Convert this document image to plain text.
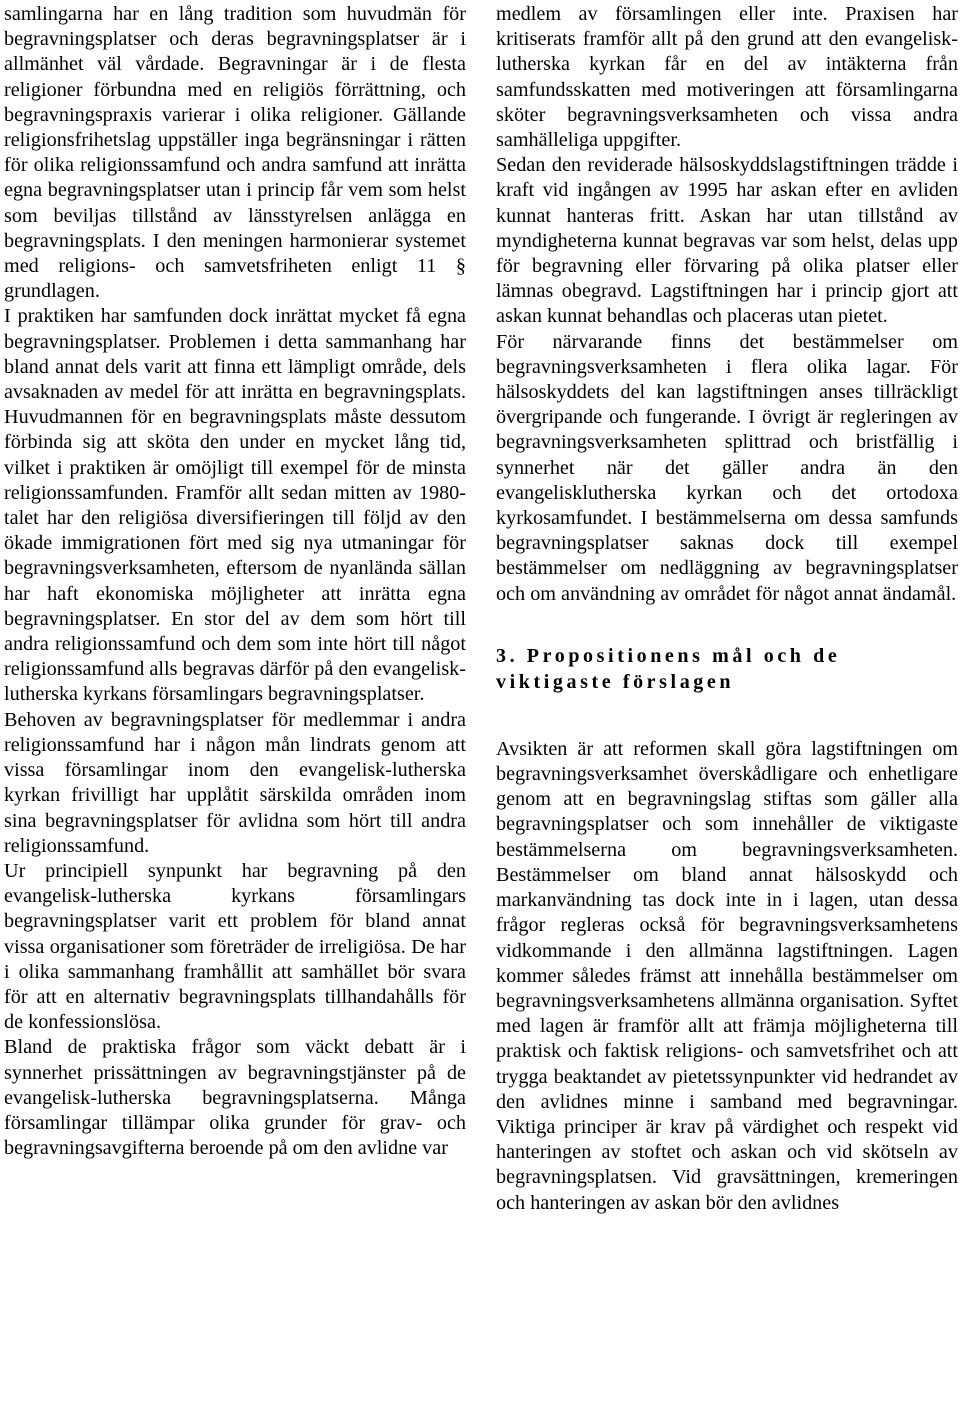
samlingarna har en lång tradition som huvudmän för begravningsplatser och deras begravningsplatser är i allmänhet väl vårdade. Begravningar är i de flesta religioner förbundna med en religiös förrättning, och begravningspraxis varierar i olika religioner. Gällande religionsfrihetslag uppställer inga begränsningar i rätten för olika religionssamfund och andra samfund att inrätta egna begravningsplatser utan i princip får vem som helst som beviljas tillstånd av länsstyrelsen anlägga en begravningsplats. I den meningen harmonierar systemet med religions- och samvetsfriheten enligt 11 § grundlagen.

I praktiken har samfunden dock inrättat mycket få egna begravningsplatser. Problemen i detta sammanhang har bland annat dels varit att finna ett lämpligt område, dels avsaknaden av medel för att inrätta en begravningsplats. Huvudmannen för en begravningsplats måste dessutom förbinda sig att sköta den under en mycket lång tid, vilket i praktiken är omöjligt till exempel för de minsta religionssamfunden. Framför allt sedan mitten av 1980-talet har den religiösa diversifieringen till följd av den ökade immigrationen fört med sig nya utmaningar för begravningsverksamheten, eftersom de nyanlända sällan har haft ekonomiska möjligheter att inrätta egna begravningsplatser. En stor del av dem som hört till andra religionssamfund och dem som inte hört till något religionssamfund alls begravas därför på den evangelisk-lutherska kyrkans församlingars begravningsplatser.

Behoven av begravningsplatser för medlemmar i andra religionssamfund har i någon mån lindrats genom att vissa församlingar inom den evangelisk-lutherska kyrkan frivilligt har upplåtit särskilda områden inom sina begravningsplatser för avlidna som hört till andra religionssamfund.

Ur principiell synpunkt har begravning på den evangelisk-lutherska kyrkans församlingars begravningsplatser varit ett problem för bland annat vissa organisationer som företräder de irreligiösa. De har i olika sammanhang framhållit att samhället bör svara för att en alternativ begravningsplats tillhandahålls för de konfessionslösa.

Bland de praktiska frågor som väckt debatt är i synnerhet prissättningen av begravningstjänster på de evangelisk-lutherska begravningsplatserna. Många församlingar tillämpar olika grunder för grav- och begravningsavgifterna beroende på om den avlidne var

medlem av församlingen eller inte. Praxisen har kritiserats framför allt på den grund att den evangelisk-lutherska kyrkan får en del av intäkterna från samfundsskatten med motiveringen att församlingarna sköter begravningsverksamheten och vissa andra samhälleliga uppgifter.

Sedan den reviderade hälsoskyddslagstiftningen trädde i kraft vid ingången av 1995 har askan efter en avliden kunnat hanteras fritt. Askan har utan tillstånd av myndigheterna kunnat begravas var som helst, delas upp för begravning eller förvaring på olika platser eller lämnas obegravd. Lagstiftningen har i princip gjort att askan kunnat behandlas och placeras utan pietet.

För närvarande finns det bestämmelser om begravningsverksamheten i flera olika lagar. För hälsoskyddets del kan lagstiftningen anses tillräckligt övergripande och fungerande. I övrigt är regleringen av begravningsverksamheten splittrad och bristfällig i synnerhet när det gäller andra än den evangelisklutherska kyrkan och det ortodoxa kyrkosamfundet. I bestämmelserna om dessa samfunds begravningsplatser saknas dock till exempel bestämmelser om nedläggning av begravningsplatser och om användning av området för något annat ändamål.

3. Propositionens mål och de viktigaste förslagen

Avsikten är att reformen skall göra lagstiftningen om begravningsverksamhet överskådligare och enhetligare genom att en begravningslag stiftas som gäller alla begravningsplatser och som innehåller de viktigaste bestämmelserna om begravningsverksamheten. Bestämmelser om bland annat hälsoskydd och markanvändning tas dock inte in i lagen, utan dessa frågor regleras också för begravningsverksamhetens vidkommande i den allmänna lagstiftningen. Lagen kommer således främst att innehålla bestämmelser om begravningsverksamhetens allmänna organisation. Syftet med lagen är framför allt att främja möjligheterna till praktisk och faktisk religions- och samvetsfrihet och att trygga beaktandet av pietetssynpunkter vid hedrandet av den avlidnes minne i samband med begravningar. Viktiga principer är krav på värdighet och respekt vid hanteringen av stoftet och askan och vid skötseln av begravningsplatsen. Vid gravsättningen, kremeringen och hanteringen av askan bör den avlidnes
